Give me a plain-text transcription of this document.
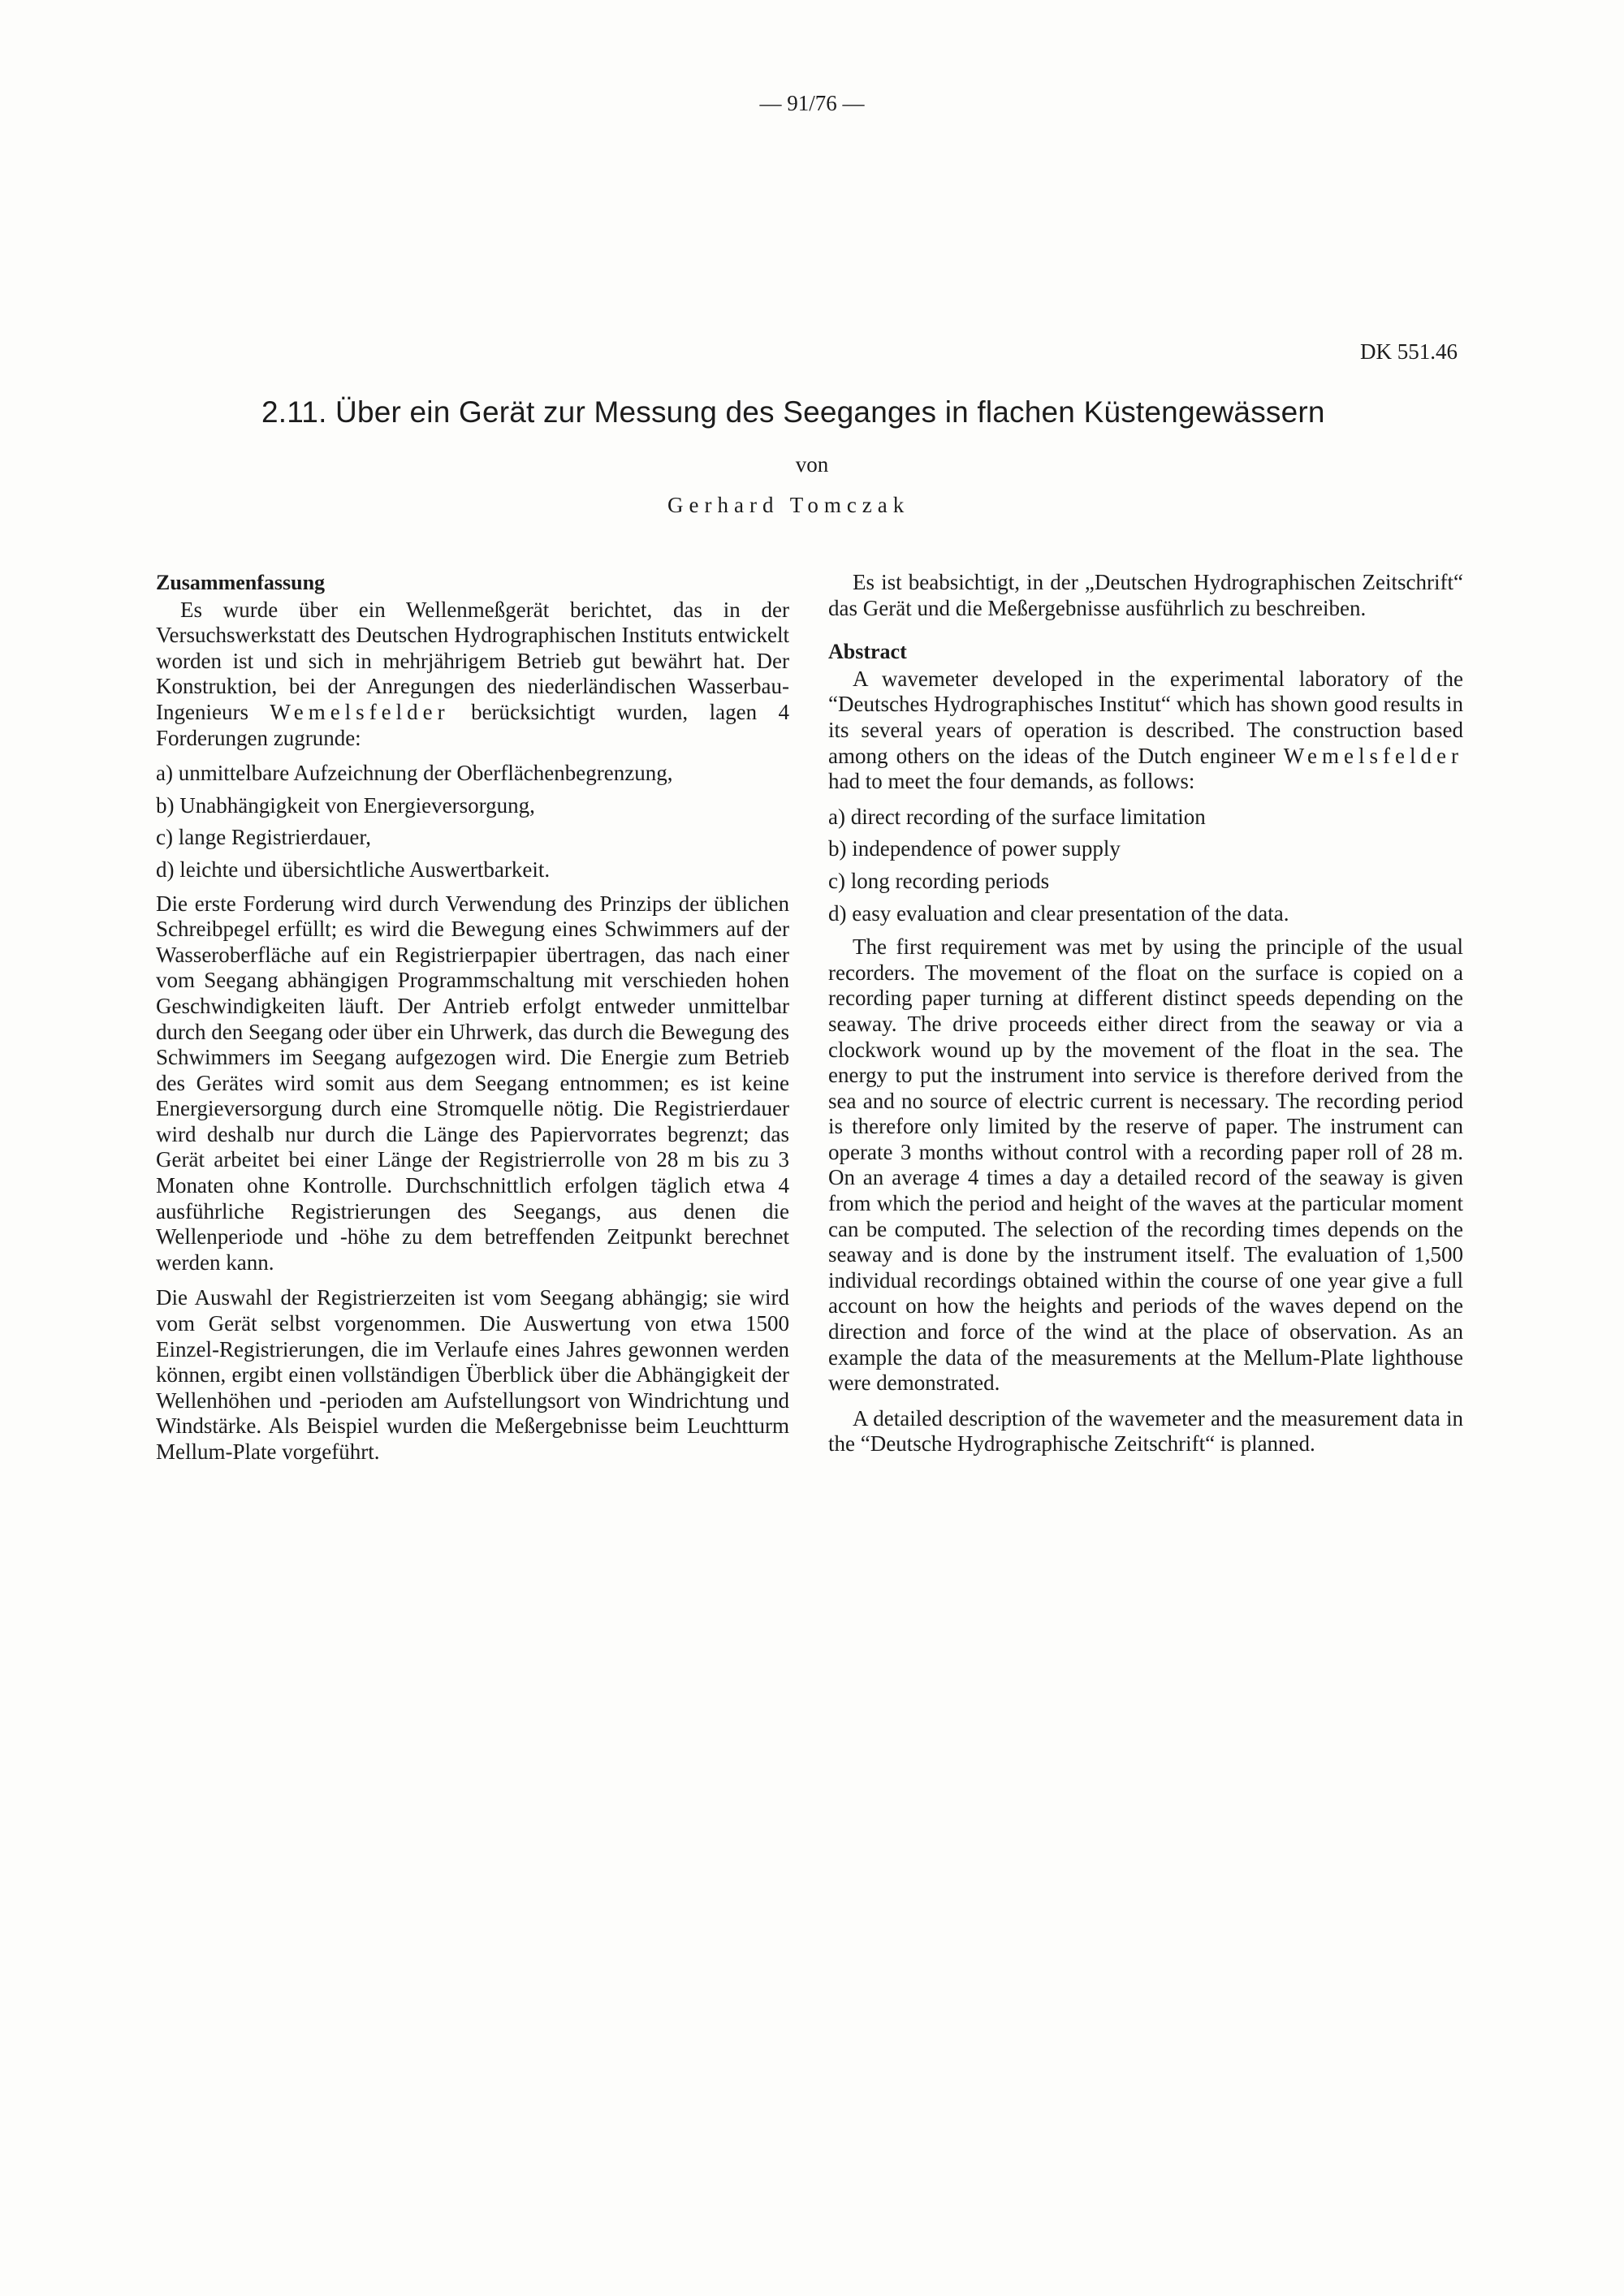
— 91/76 —
DK 551.46
2.11. Über ein Gerät zur Messung des Seeganges in flachen Küstengewässern
von
Gerhard Tomczak
Zusammenfassung

Es wurde über ein Wellenmeßgerät berichtet, das in der Versuchswerkstatt des Deutschen Hydrographischen Instituts entwickelt worden ist und sich in mehrjährigem Betrieb gut bewährt hat. Der Konstruktion, bei der Anregungen des niederländischen Wasserbau-Ingenieurs Wemelsfelder berücksichtigt wurden, lagen 4 Forderungen zugrunde:

a) unmittelbare Aufzeichnung der Oberflächenbegrenzung,
b) Unabhängigkeit von Energieversorgung,
c) lange Registrierdauer,
d) leichte und übersichtliche Auswertbarkeit.

Die erste Forderung wird durch Verwendung des Prinzips der üblichen Schreibpegel erfüllt; es wird die Bewegung eines Schwimmers auf der Wasseroberfläche auf ein Registrierpapier übertragen, das nach einer vom Seegang abhängigen Programmschaltung mit verschieden hohen Geschwindigkeiten läuft. Der Antrieb erfolgt entweder unmittelbar durch den Seegang oder über ein Uhrwerk, das durch die Bewegung des Schwimmers im Seegang aufgezogen wird. Die Energie zum Betrieb des Gerätes wird somit aus dem Seegang entnommen; es ist keine Energieversorgung durch eine Stromquelle nötig. Die Registrierdauer wird deshalb nur durch die Länge des Papiervorrates begrenzt; das Gerät arbeitet bei einer Länge der Registrierrolle von 28 m bis zu 3 Monaten ohne Kontrolle. Durchschnittlich erfolgen täglich etwa 4 ausführliche Registrierungen des Seegangs, aus denen die Wellenperiode und -höhe zu dem betreffenden Zeitpunkt berechnet werden kann.

Die Auswahl der Registrierzeiten ist vom Seegang abhängig; sie wird vom Gerät selbst vorgenommen. Die Auswertung von etwa 1500 Einzel-Registrierungen, die im Verlaufe eines Jahres gewonnen werden können, ergibt einen vollständigen Überblick über die Abhängigkeit der Wellenhöhen und -perioden am Aufstellungsort von Windrichtung und Windstärke. Als Beispiel wurden die Meßergebnisse beim Leuchtturm Mellum-Plate vorgeführt.

Es ist beabsichtigt, in der „Deutschen Hydrographischen Zeitschrift“ das Gerät und die Meßergebnisse ausführlich zu beschreiben.

Abstract

A wavemeter developed in the experimental laboratory of the “Deutsches Hydrographisches Institut“ which has shown good results in its several years of operation is described. The construction based among others on the ideas of the Dutch engineer Wemelsfelder had to meet the four demands, as follows:

a) direct recording of the surface limitation
b) independence of power supply
c) long recording periods
d) easy evaluation and clear presentation of the data.

The first requirement was met by using the principle of the usual recorders. The movement of the float on the surface is copied on a recording paper turning at different distinct speeds depending on the seaway. The drive proceeds either direct from the seaway or via a clockwork wound up by the movement of the float in the sea. The energy to put the instrument into service is therefore derived from the sea and no source of electric current is necessary. The recording period is therefore only limited by the reserve of paper. The instrument can operate 3 months without control with a recording paper roll of 28 m. On an average 4 times a day a detailed record of the seaway is given from which the period and height of the waves at the particular moment can be computed. The selection of the recording times depends on the seaway and is done by the instrument itself. The evaluation of 1,500 individual recordings obtained within the course of one year give a full account on how the heights and periods of the waves depend on the direction and force of the wind at the place of observation. As an example the data of the measurements at the Mellum-Plate lighthouse were demonstrated.

A detailed description of the wavemeter and the measurement data in the “Deutsche Hydrographische Zeitschrift“ is planned.
